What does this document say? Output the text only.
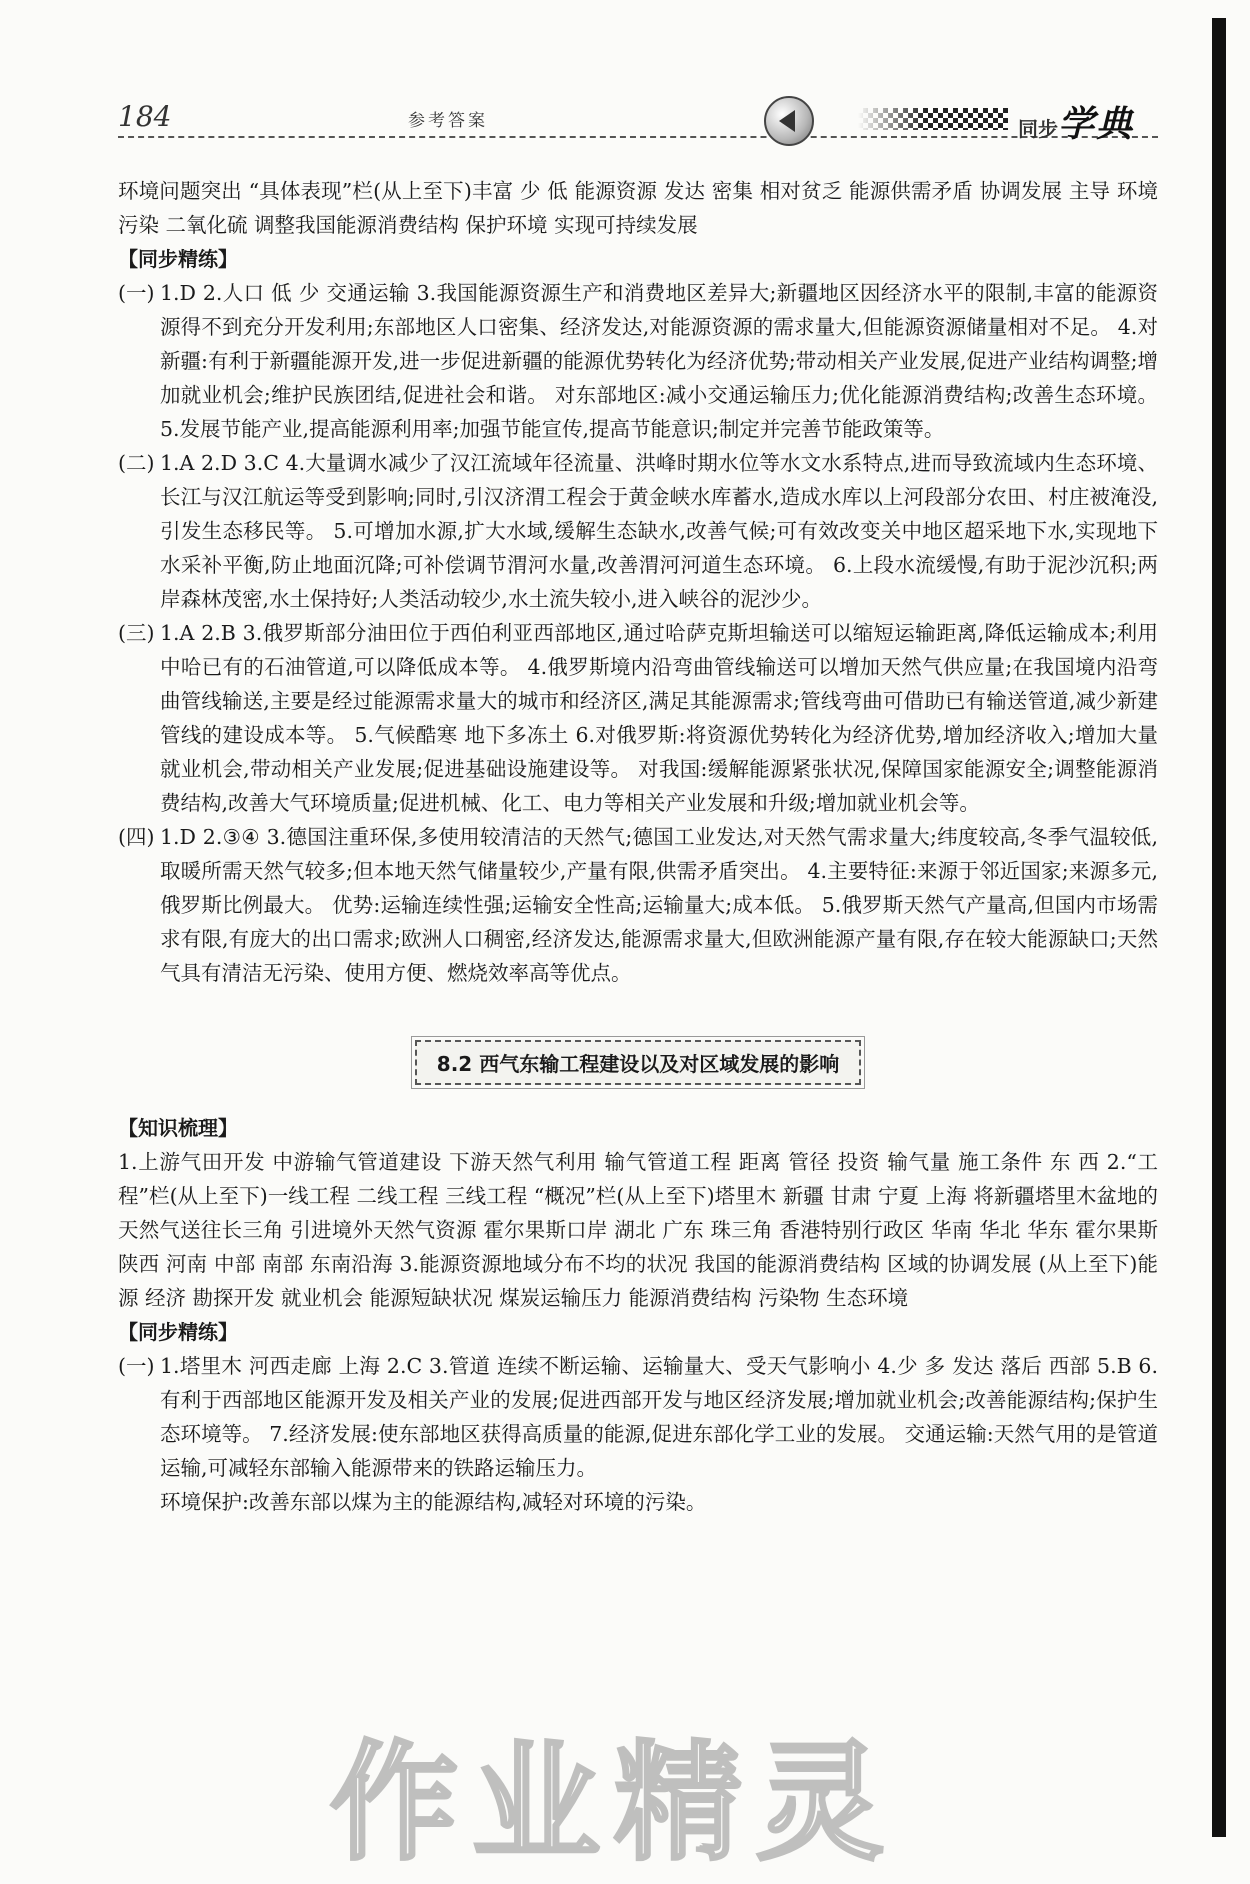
184	参考答案	同步学典

环境问题突出 “具体表现”栏(从上至下)丰富 少 低 能源资源 发达 密集 相对贫乏 能源供需矛盾 协调发展 主导 环境污染 二氧化硫 调整我国能源消费结构 保护环境 实现可持续发展

【同步精练】

(一) 1.D 2.人口 低 少 交通运输 3.我国能源资源生产和消费地区差异大;新疆地区因经济水平的限制,丰富的能源资源得不到充分开发利用;东部地区人口密集、经济发达,对能源资源的需求量大,但能源资源储量相对不足。 4.对新疆:有利于新疆能源开发,进一步促进新疆的能源优势转化为经济优势;带动相关产业发展,促进产业结构调整;增加就业机会;维护民族团结,促进社会和谐。 对东部地区:减小交通运输压力;优化能源消费结构;改善生态环境。 5.发展节能产业,提高能源利用率;加强节能宣传,提高节能意识;制定并完善节能政策等。
(二) 1.A 2.D 3.C 4.大量调水减少了汉江流域年径流量、洪峰时期水位等水文水系特点,进而导致流域内生态环境、长江与汉江航运等受到影响;同时,引汉济渭工程会于黄金峡水库蓄水,造成水库以上河段部分农田、村庄被淹没,引发生态移民等。 5.可增加水源,扩大水域,缓解生态缺水,改善气候;可有效改变关中地区超采地下水,实现地下水采补平衡,防止地面沉降;可补偿调节渭河水量,改善渭河河道生态环境。 6.上段水流缓慢,有助于泥沙沉积;两岸森林茂密,水土保持好;人类活动较少,水土流失较小,进入峡谷的泥沙少。
(三) 1.A 2.B 3.俄罗斯部分油田位于西伯利亚西部地区,通过哈萨克斯坦输送可以缩短运输距离,降低运输成本;利用中哈已有的石油管道,可以降低成本等。 4.俄罗斯境内沿弯曲管线输送可以增加天然气供应量;在我国境内沿弯曲管线输送,主要是经过能源需求量大的城市和经济区,满足其能源需求;管线弯曲可借助已有输送管道,减少新建管线的建设成本等。 5.气候酷寒 地下多冻土 6.对俄罗斯:将资源优势转化为经济优势,增加经济收入;增加大量就业机会,带动相关产业发展;促进基础设施建设等。 对我国:缓解能源紧张状况,保障国家能源安全;调整能源消费结构,改善大气环境质量;促进机械、化工、电力等相关产业发展和升级;增加就业机会等。
(四) 1.D 2.③④ 3.德国注重环保,多使用较清洁的天然气;德国工业发达,对天然气需求量大;纬度较高,冬季气温较低,取暖所需天然气较多;但本地天然气储量较少,产量有限,供需矛盾突出。 4.主要特征:来源于邻近国家;来源多元,俄罗斯比例最大。 优势:运输连续性强;运输安全性高;运输量大;成本低。 5.俄罗斯天然气产量高,但国内市场需求有限,有庞大的出口需求;欧洲人口稠密,经济发达,能源需求量大,但欧洲能源产量有限,存在较大能源缺口;天然气具有清洁无污染、使用方便、燃烧效率高等优点。
8.2 西气东输工程建设以及对区域发展的影响

【知识梳理】

1.上游气田开发 中游输气管道建设 下游天然气利用 输气管道工程 距离 管径 投资 输气量 施工条件 东 西 2.“工程”栏(从上至下)一线工程 二线工程 三线工程 “概况”栏(从上至下)塔里木 新疆 甘肃 宁夏 上海 将新疆塔里木盆地的天然气送往长三角 引进境外天然气资源 霍尔果斯口岸 湖北 广东 珠三角 香港特别行政区 华南 华北 华东 霍尔果斯 陕西 河南 中部 南部 东南沿海 3.能源资源地域分布不均的状况 我国的能源消费结构 区域的协调发展 (从上至下)能源 经济 勘探开发 就业机会 能源短缺状况 煤炭运输压力 能源消费结构 污染物 生态环境

【同步精练】

(一) 1.塔里木 河西走廊 上海 2.C 3.管道 连续不断运输、运输量大、受天气影响小 4.少 多 发达 落后 西部 5.B 6.有利于西部地区能源开发及相关产业的发展;促进西部开发与地区经济发展;增加就业机会;改善能源结构;保护生态环境等。 7.经济发展:使东部地区获得高质量的能源,促进东部化学工业的发展。 交通运输:天然气用的是管道运输,可减轻东部输入能源带来的铁路运输压力。

环境保护:改善东部以煤为主的能源结构,减轻对环境的污染。

作业精灵
